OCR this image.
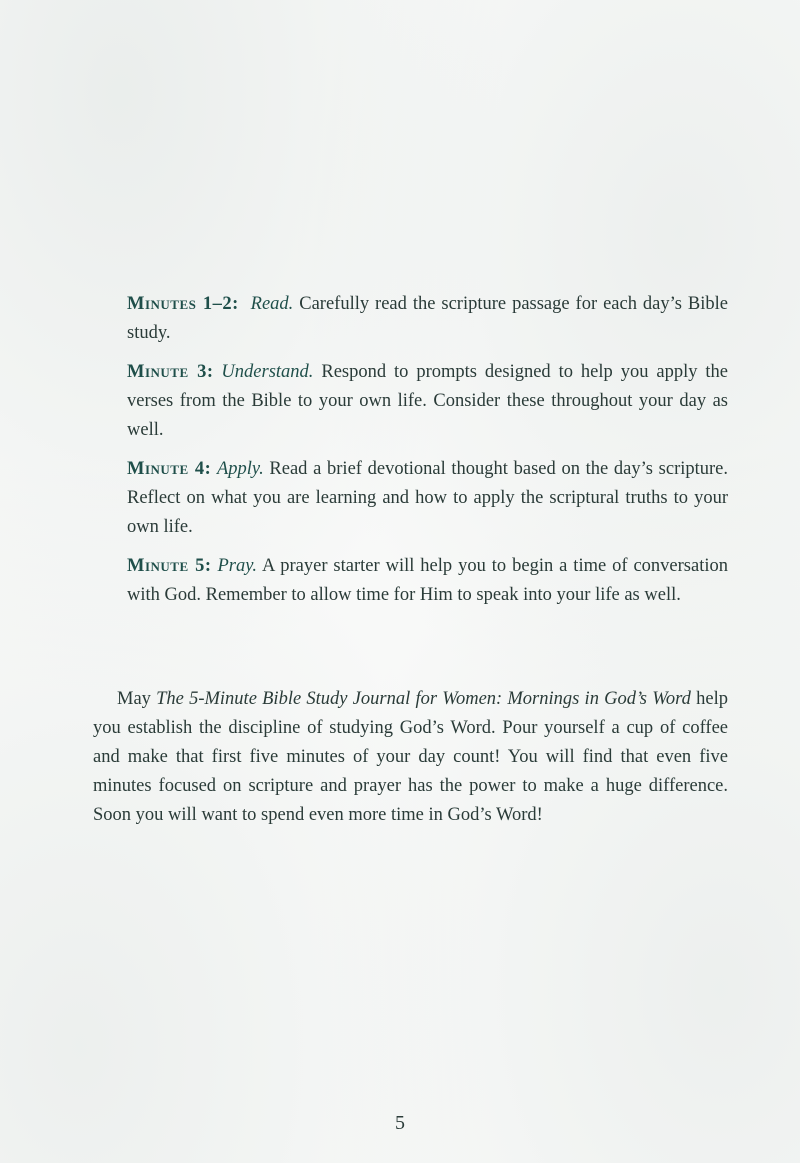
Minutes 1–2: Read. Carefully read the scripture passage for each day’s Bible study.

Minute 3: Understand. Respond to prompts designed to help you apply the verses from the Bible to your own life. Consider these throughout your day as well.

Minute 4: Apply. Read a brief devotional thought based on the day’s scripture. Reflect on what you are learning and how to apply the scriptural truths to your own life.

Minute 5: Pray. A prayer starter will help you to begin a time of conversation with God. Remember to allow time for Him to speak into your life as well.

May The 5-Minute Bible Study Journal for Women: Mornings in God’s Word help you establish the discipline of studying God’s Word. Pour yourself a cup of coffee and make that first five minutes of your day count! You will find that even five minutes focused on scripture and prayer has the power to make a huge difference. Soon you will want to spend even more time in God’s Word!

5
